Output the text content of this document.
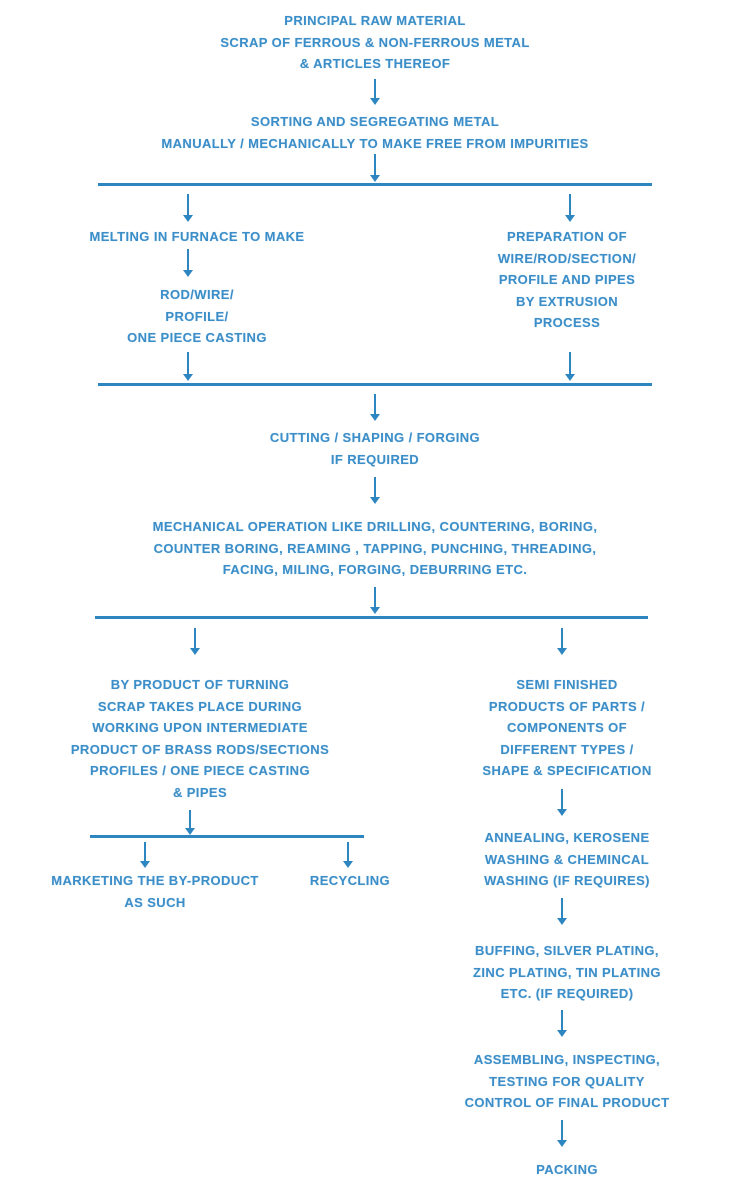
PRINCIPAL RAW MATERIAL
SCRAP OF FERROUS & NON-FERROUS METAL
& ARTICLES THEREOF
SORTING AND SEGREGATING METAL
MANUALLY / MECHANICALLY TO MAKE FREE FROM IMPURITIES
MELTING IN FURNACE TO MAKE
ROD/WIRE/
PROFILE/
ONE PIECE CASTING
PREPARATION OF
WIRE/ROD/SECTION/
PROFILE AND PIPES
BY EXTRUSION
PROCESS
CUTTING / SHAPING / FORGING
IF REQUIRED
MECHANICAL OPERATION LIKE DRILLING, COUNTERING, BORING,
COUNTER BORING, REAMING , TAPPING, PUNCHING, THREADING,
FACING, MILING, FORGING, DEBURRING ETC.
BY PRODUCT OF TURNING
SCRAP TAKES PLACE DURING
WORKING UPON INTERMEDIATE
PRODUCT OF BRASS RODS/SECTIONS
PROFILES / ONE PIECE CASTING
& PIPES
MARKETING THE BY-PRODUCT
AS SUCH
RECYCLING
SEMI FINISHED
PRODUCTS OF PARTS /
COMPONENTS OF
DIFFERENT TYPES /
SHAPE & SPECIFICATION
ANNEALING, KEROSENE
WASHING & CHEMINCAL
WASHING (IF REQUIRES)
BUFFING, SILVER PLATING,
ZINC PLATING, TIN PLATING
ETC. (IF REQUIRED)
ASSEMBLING, INSPECTING,
TESTING FOR QUALITY
CONTROL OF FINAL PRODUCT
PACKING
